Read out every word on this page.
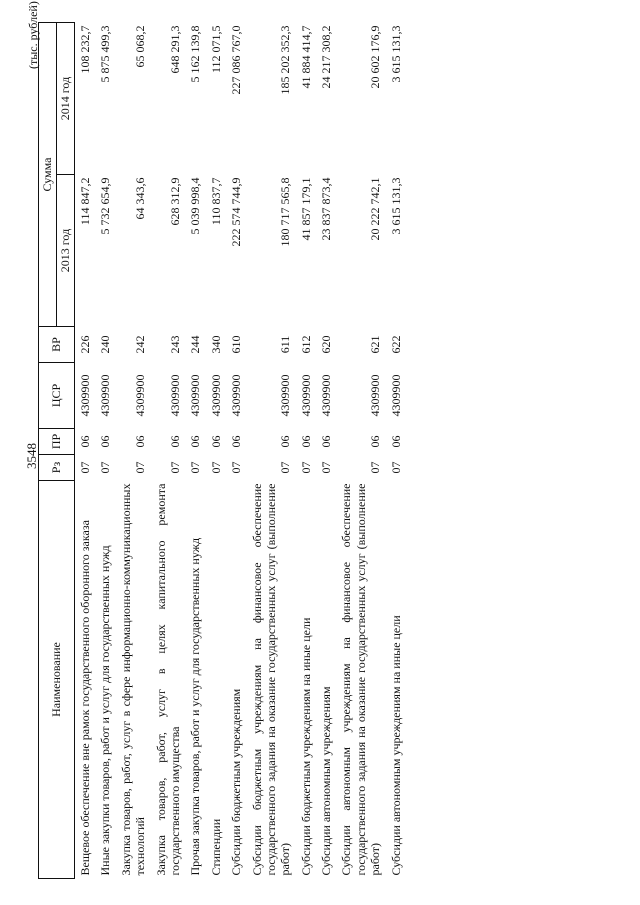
3548
(тыс. рублей)
Наименование	Рз	ПР	ЦСР	ВР	Сумма	
					2013 год	2014 год
Вещевое обеспечение вне рамок государственного оборонного заказа	07	06	4309900	226	114 847,2	108 232,7
Иные закупки товаров, работ и услуг для государственных нужд	07	06	4309900	240	5 732 654,9	5 875 499,3
Закупка товаров, работ, услуг в сфере информационно-коммуникационных технологий	07	06	4309900	242	64 343,6	65 068,2
Закупка товаров, работ, услуг в целях капитального ремонта государственного имущества	07	06	4309900	243	628 312,9	648 291,3
Прочая закупка товаров, работ и услуг для государственных нужд	07	06	4309900	244	5 039 998,4	5 162 139,8
Стипендии	07	06	4309900	340	110 837,7	112 071,5
Субсидии бюджетным учреждениям	07	06	4309900	610	222 574 744,9	227 086 767,0
Субсидии бюджетным учреждениям на финансовое обеспечение государственного задания на оказание государственных услуг (выполнение работ)	07	06	4309900	611	180 717 565,8	185 202 352,3
Субсидии бюджетным учреждениям на иные цели	07	06	4309900	612	41 857 179,1	41 884 414,7
Субсидии автономным учреждениям	07	06	4309900	620	23 837 873,4	24 217 308,2
Субсидии автономным учреждениям на финансовое обеспечение государственного задания на оказание государственных услуг (выполнение работ)	07	06	4309900	621	20 222 742,1	20 602 176,9
Субсидии автономным учреждениям на иные цели	07	06	4309900	622	3 615 131,3	3 615 131,3
